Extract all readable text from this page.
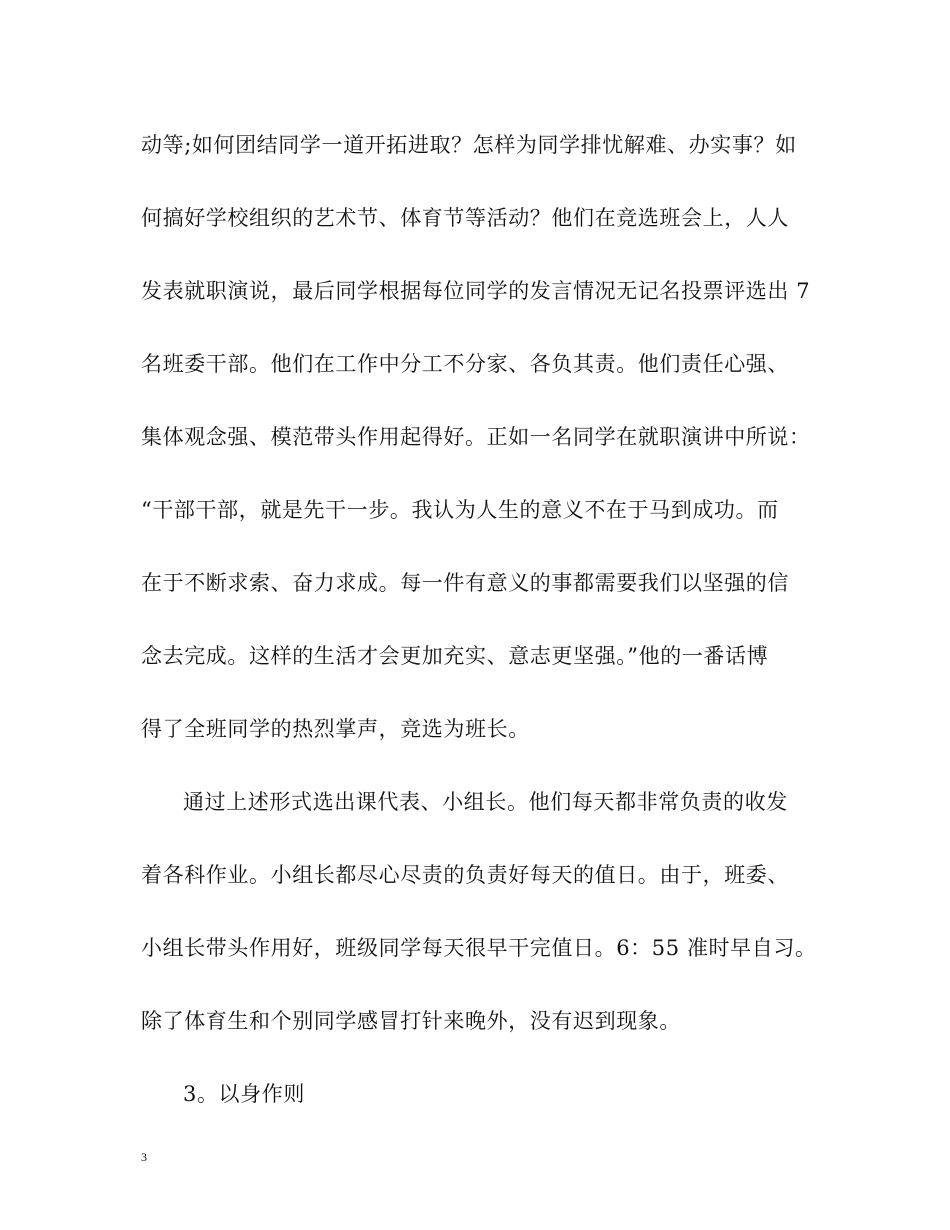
动等;如何团结同学一道开拓进取？怎样为同学排忧解难、办实事？如
何搞好学校组织的艺术节、体育节等活动？他们在竞选班会上，人人
发表就职演说，最后同学根据每位同学的发言情况无记名投票评选出 7
名班委干部。他们在工作中分工不分家、各负其责。他们责任心强、
集体观念强、模范带头作用起得好。正如一名同学在就职演讲中所说：
“干部干部，就是先干一步。我认为人生的意义不在于马到成功。而
在于不断求索、奋力求成。每一件有意义的事都需要我们以坚强的信
念去完成。这样的生活才会更加充实、意志更坚强。”他的一番话博
得了全班同学的热烈掌声，竞选为班长。
通过上述形式选出课代表、小组长。他们每天都非常负责的收发
着各科作业。小组长都尽心尽责的负责好每天的值日。由于，班委、
小组长带头作用好，班级同学每天很早干完值日。6：55 准时早自习。
除了体育生和个别同学感冒打针来晚外，没有迟到现象。
3。以身作则
3
